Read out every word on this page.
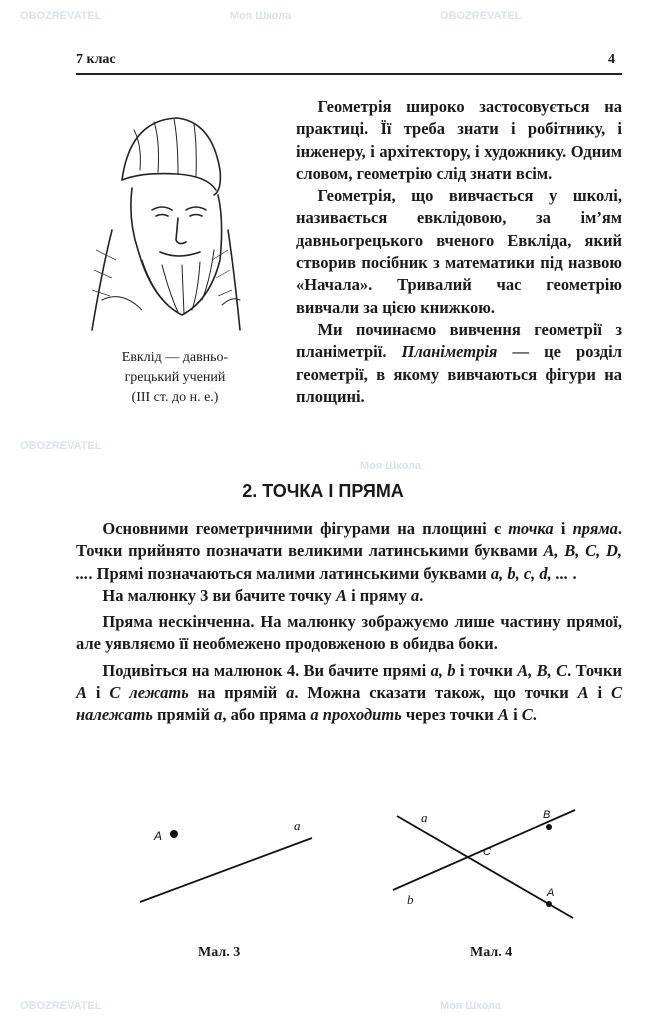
OBOZREVATEL	Моя Школа	OBOZREVATEL
OBOZREVATEL
Моя Школа
OBOZREVATEL	Моя Школа
7 клас	4
Евклід — давньо-
грецький учений
(III ст. до н. е.)

Геометрія широко застосовується на практиці. Її треба знати і робітнику, і інженеру, і архітектору, і художнику. Одним словом, геометрію слід знати всім.

Геометрія, що вивчається у школі, називається евклідовою, за ім’ям давньогрецького вченого Евкліда, який створив посібник з математики під назвою «Начала». Тривалий час геометрію вивчали за цією книжкою.

Ми починаємо вивчення геометрії з планіметрії. Планіметрія — це розділ геометрії, в якому вивчаються фігури на площині.

2. ТОЧКА І ПРЯМА

Основними геометричними фігурами на площині є точка і пряма. Точки прийнято позначати великими латинськими буквами A, B, C, D, .... Прямі позначаються малими латинськими буквами a, b, c, d, ... .

На малюнку 3 ви бачите точку A і пряму a.

Пряма нескінченна. На малюнку зображуємо лише частину прямої, але уявляємо її необмежено продовженою в обидва боки.

Подивіться на малюнок 4. Ви бачите прямі a, b і точки A, B, C. Точки A і C лежать на прямій a. Можна сказати також, що точки A і C належать прямій a, або пряма a проходить через точки A і C.

A
a
Мал. 3
a
b
B
A
C
Мал. 4
